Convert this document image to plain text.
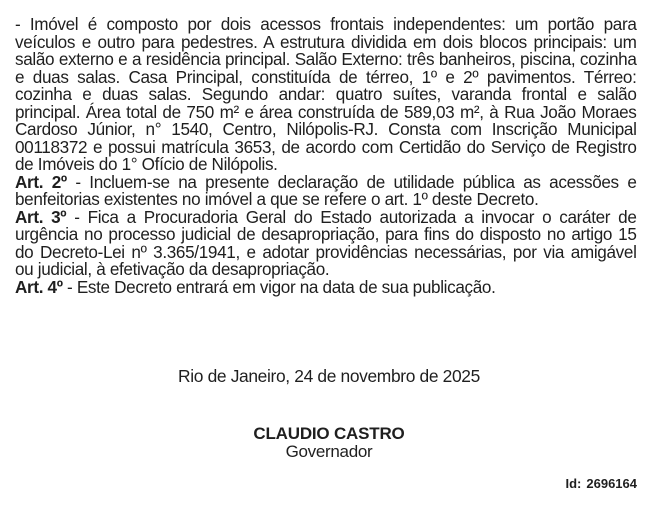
- Imóvel é composto por dois acessos frontais independentes: um portão para veículos e outro para pedestres. A estrutura dividida em dois blocos principais: um salão externo e a residência principal. Salão Externo: três banheiros, piscina, cozinha e duas salas. Casa Principal, constituída de térreo, 1º e 2º pavimentos. Térreo: cozinha e duas salas. Segundo andar: quatro suítes, varanda frontal e salão principal. Área total de 750 m² e área construída de 589,03 m², à Rua João Moraes Cardoso Júnior, n° 1540, Centro, Nilópolis-RJ. Consta com Inscrição Municipal 00118372 e possui matrícula 3653, de acordo com Certidão do Serviço de Registro de Imóveis do 1° Ofício de Nilópolis.

Art. 2º - Incluem-se na presente declaração de utilidade pública as acessões e benfeitorias existentes no imóvel a que se refere o art. 1º deste Decreto.

Art. 3º - Fica a Procuradoria Geral do Estado autorizada a invocar o caráter de urgência no processo judicial de desapropriação, para fins do disposto no artigo 15 do Decreto-Lei nº 3.365/1941, e adotar providências necessárias, por via amigável ou judicial, à efetivação da desapropriação.

Art. 4º - Este Decreto entrará em vigor na data de sua publicação.

Rio de Janeiro, 24 de novembro de 2025
CLAUDIO CASTRO
Governador
Id: 2696164
